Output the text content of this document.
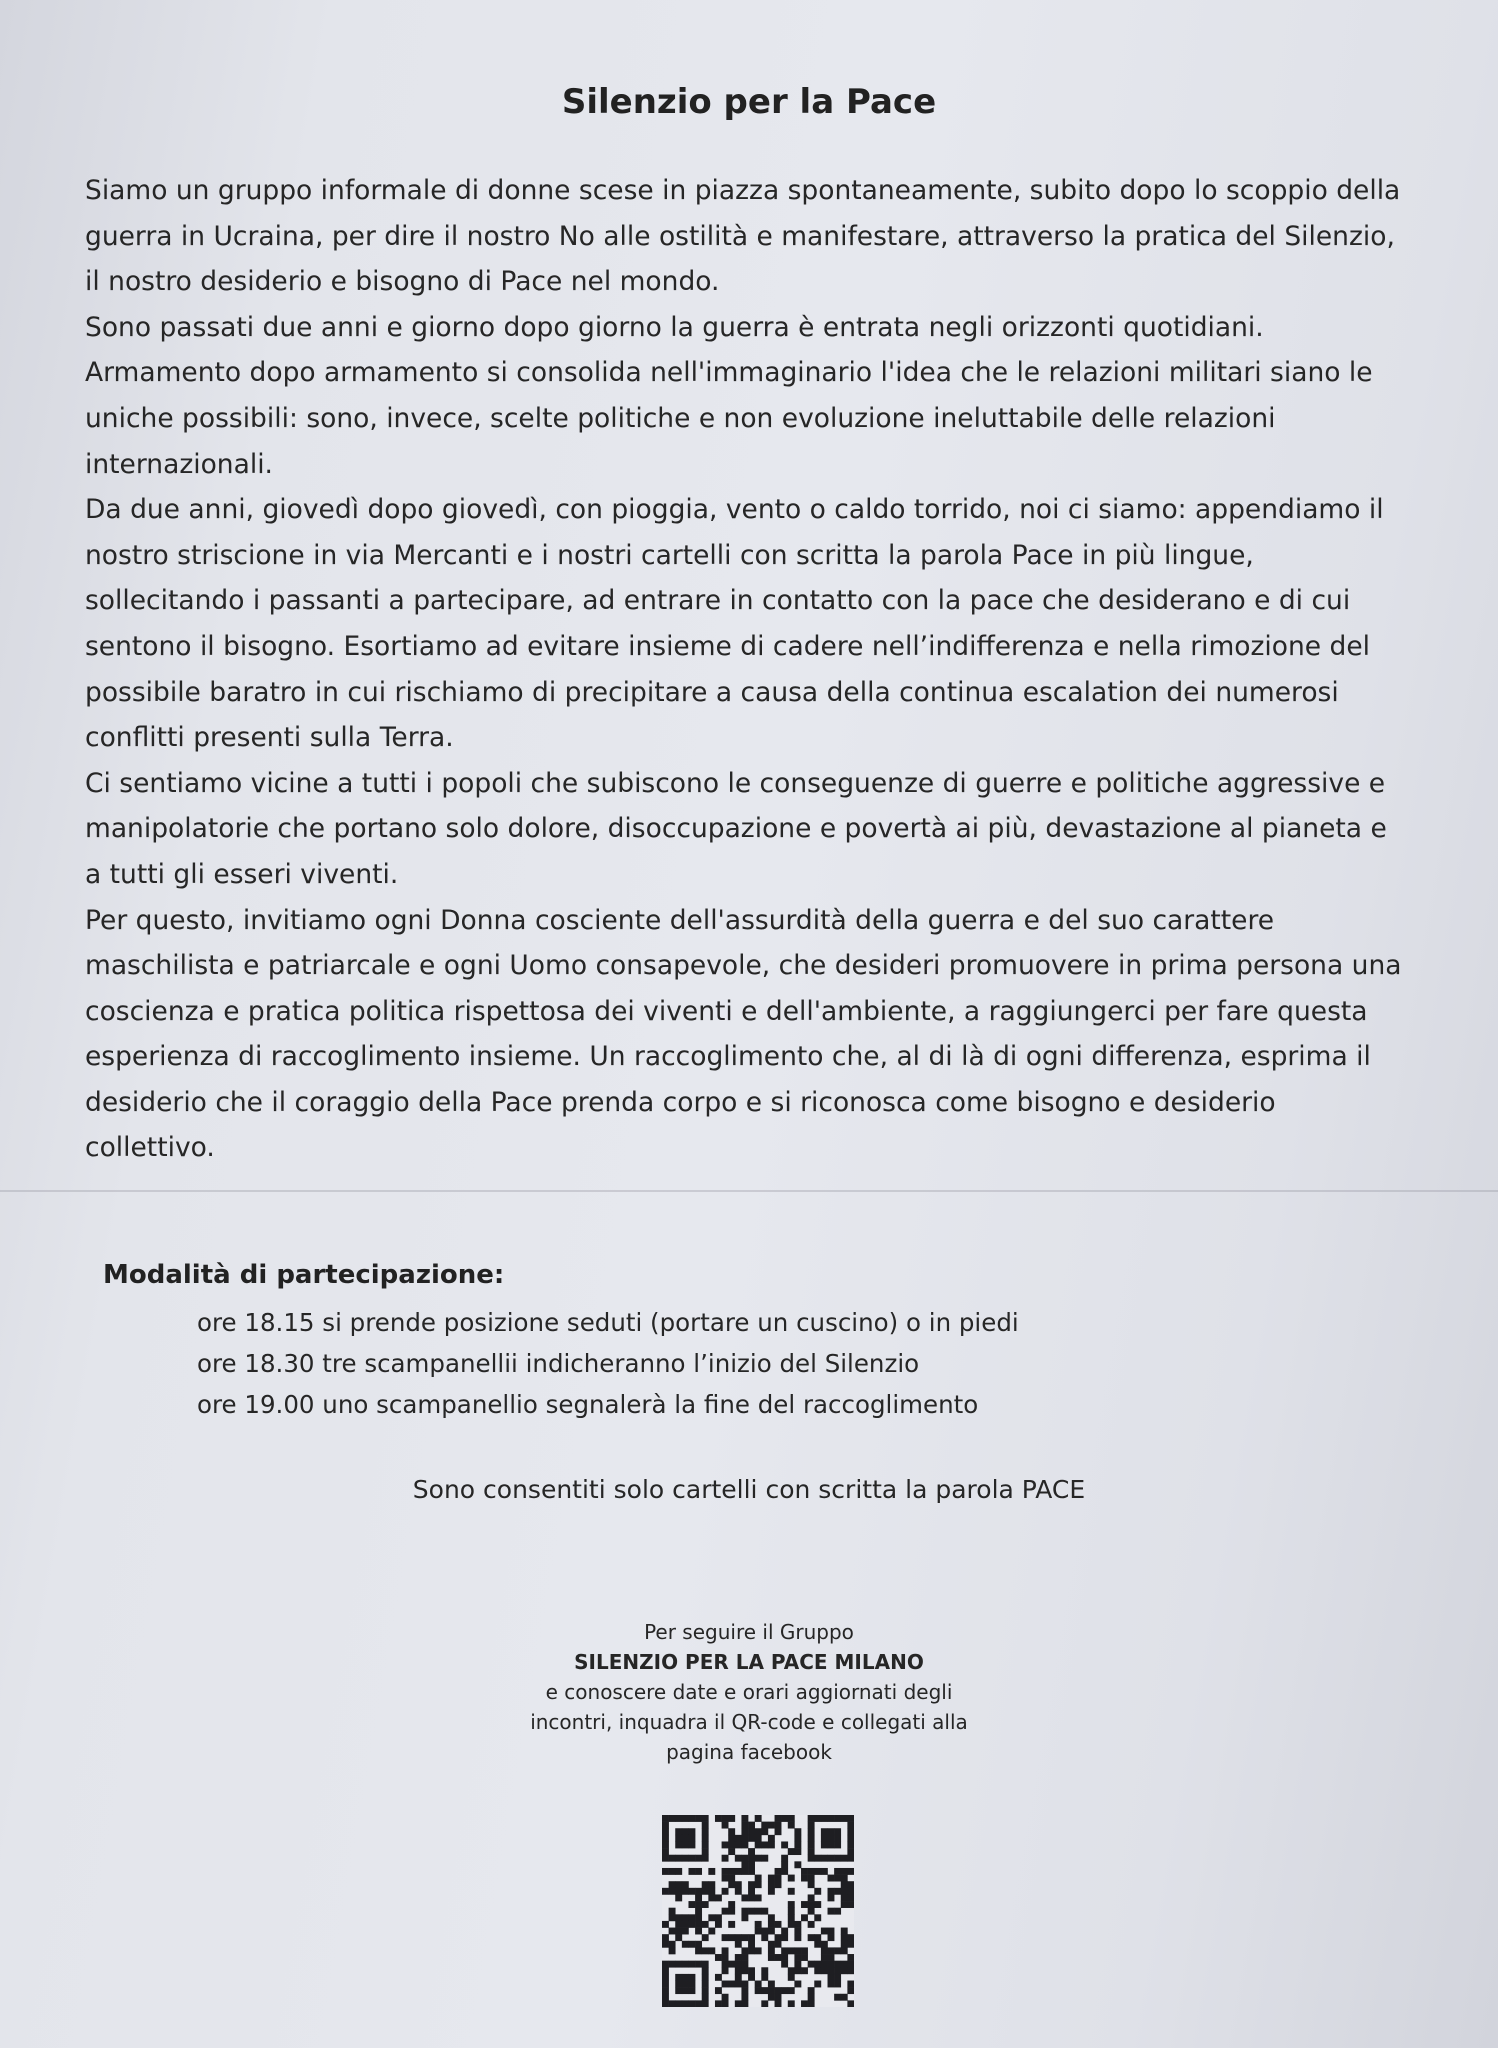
Silenzio per la Pace
Siamo un gruppo informale di donne scese in piazza spontaneamente, subito dopo lo scoppio della
guerra in Ucraina, per dire il nostro No alle ostilità e manifestare, attraverso la pratica del Silenzio,
il nostro desiderio e bisogno di Pace nel mondo.
Sono passati due anni e giorno dopo giorno la guerra è entrata negli orizzonti quotidiani.
Armamento dopo armamento si consolida nell'immaginario l'idea che le relazioni militari siano le
uniche possibili: sono, invece, scelte politiche e non evoluzione ineluttabile delle relazioni
internazionali.
Da due anni, giovedì dopo giovedì, con pioggia, vento o caldo torrido, noi ci siamo: appendiamo il
nostro striscione in via Mercanti e i nostri cartelli con scritta la parola Pace in più lingue,
sollecitando i passanti a partecipare, ad entrare in contatto con la pace che desiderano e di cui
sentono il bisogno. Esortiamo ad evitare insieme di cadere nell’indifferenza e nella rimozione del
possibile baratro in cui rischiamo di precipitare a causa della continua escalation dei numerosi
conflitti presenti sulla Terra.
Ci sentiamo vicine a tutti i popoli che subiscono le conseguenze di guerre e politiche aggressive e
manipolatorie che portano solo dolore, disoccupazione e povertà ai più, devastazione al pianeta e
a tutti gli esseri viventi.
Per questo, invitiamo ogni Donna cosciente dell'assurdità della guerra e del suo carattere
maschilista e patriarcale e ogni Uomo consapevole, che desideri promuovere in prima persona una
coscienza e pratica politica rispettosa dei viventi e dell'ambiente, a raggiungerci per fare questa
esperienza di raccoglimento insieme. Un raccoglimento che, al di là di ogni differenza, esprima il
desiderio che il coraggio della Pace prenda corpo e si riconosca come bisogno e desiderio
collettivo.
Modalità di partecipazione:
ore 18.15 si prende posizione seduti (portare un cuscino) o in piedi
ore 18.30 tre scampanellii indicheranno l’inizio del Silenzio
ore 19.00 uno scampanellio segnalerà la fine del raccoglimento
Sono consentiti solo cartelli con scritta la parola PACE
Per seguire il Gruppo
SILENZIO PER LA PACE MILANO
e conoscere date e orari aggiornati degli
incontri, inquadra il QR-code e collegati alla
pagina facebook
